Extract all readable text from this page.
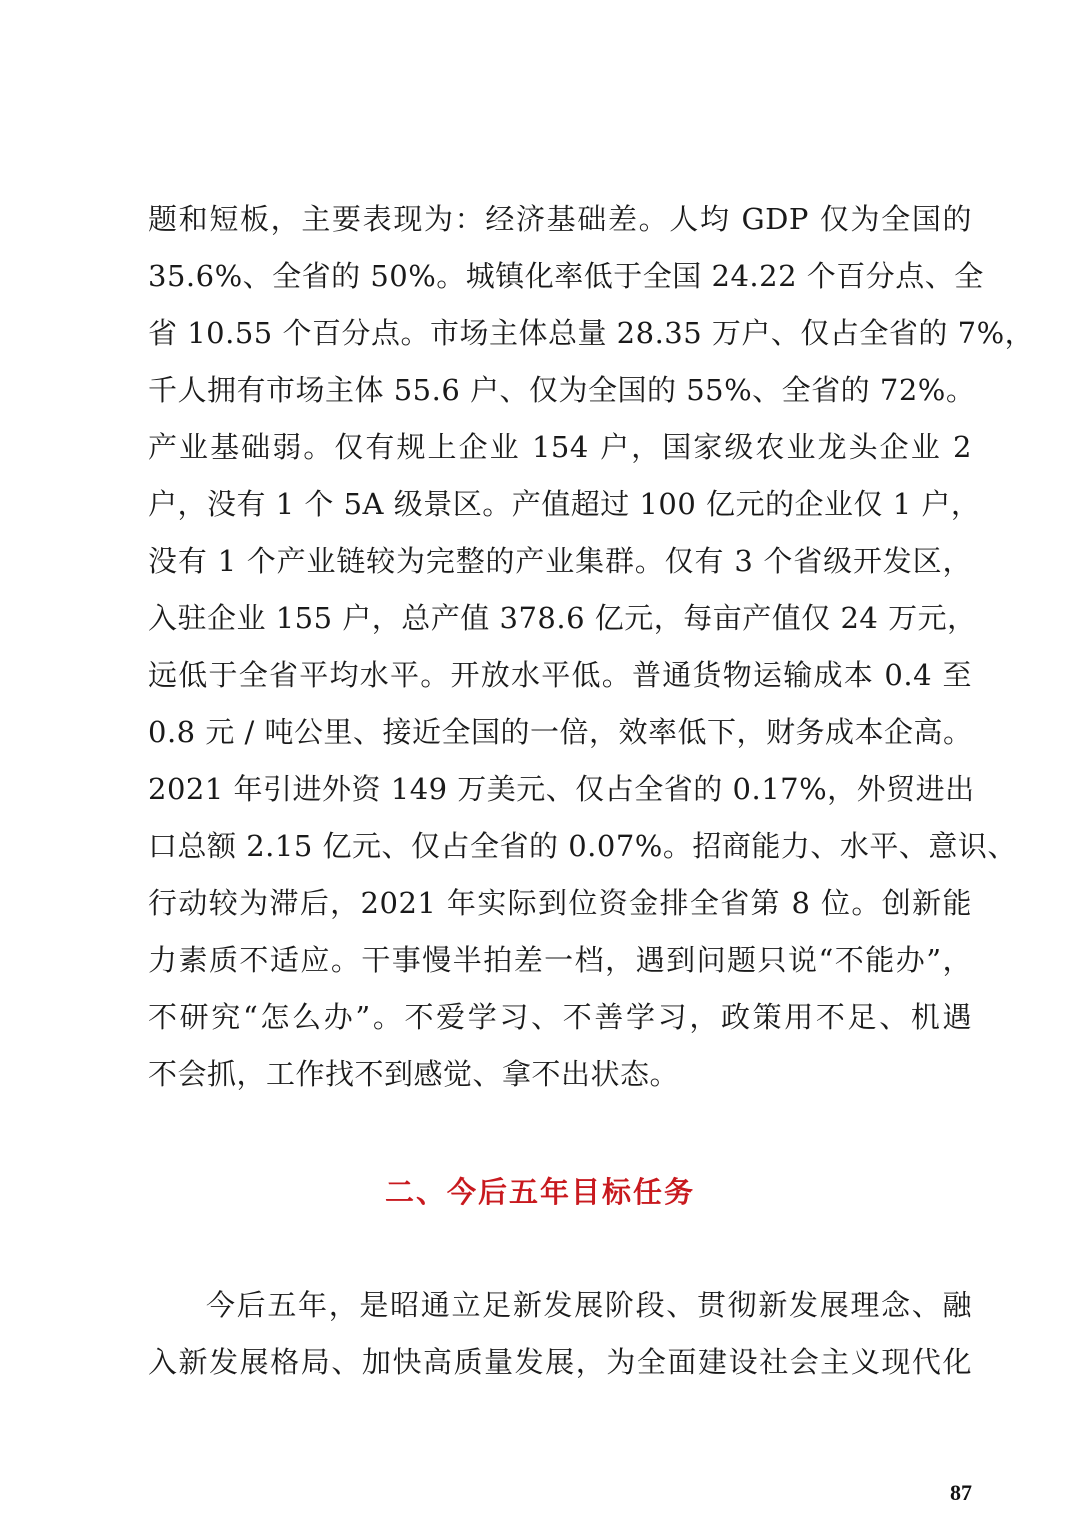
题和短板，主要表现为：经济基础差。人均 GDP 仅为全国的
35.6%、全省的 50%。城镇化率低于全国 24.22 个百分点、全
省 10.55 个百分点。市场主体总量 28.35 万户、仅占全省的 7%，
千人拥有市场主体 55.6 户、仅为全国的 55%、全省的 72%。
产业基础弱。仅有规上企业 154 户，国家级农业龙头企业 2
户，没有 1 个 5A 级景区。产值超过 100 亿元的企业仅 1 户，
没有 1 个产业链较为完整的产业集群。仅有 3 个省级开发区，
入驻企业 155 户，总产值 378.6 亿元，每亩产值仅 24 万元，
远低于全省平均水平。开放水平低。普通货物运输成本 0.4 至
0.8 元 / 吨公里、接近全国的一倍，效率低下，财务成本企高。
2021 年引进外资 149 万美元、仅占全省的 0.17%，外贸进出
口总额 2.15 亿元、仅占全省的 0.07%。招商能力、水平、意识、
行动较为滞后，2021 年实际到位资金排全省第 8 位。创新能
力素质不适应。干事慢半拍差一档，遇到问题只说“不能办”，
不研究“怎么办”。不爱学习、不善学习，政策用不足、机遇
不会抓，工作找不到感觉、拿不出状态。
二、今后五年目标任务
今后五年，是昭通立足新发展阶段、贯彻新发展理念、融
入新发展格局、加快高质量发展，为全面建设社会主义现代化
87
